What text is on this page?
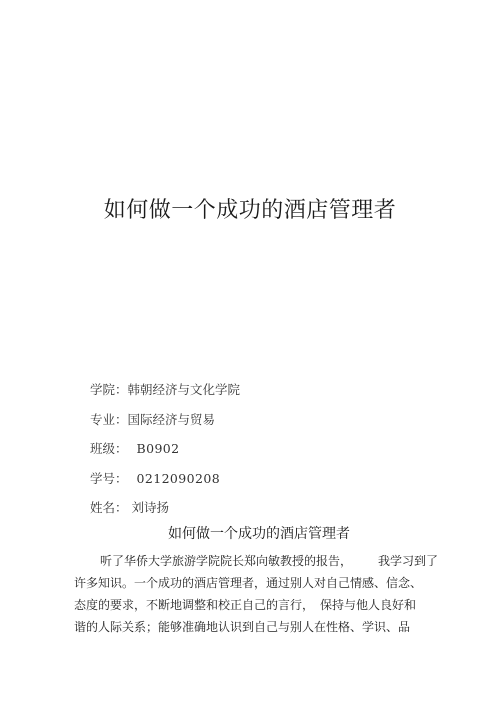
如何做一个成功的酒店管理者
学院：韩朝经济与文化学院
专业：国际经济与贸易
班级： B0902
学号： 0212090208
姓名： 刘诗扬
如何做一个成功的酒店管理者
听了华侨大学旅游学院院长郑向敏教授的报告， 我学习到了
许多知识。一个成功的酒店管理者，通过别人对自己情感、信念、
态度的要求，不断地调整和校正自己的言行， 保持与他人良好和
谐的人际关系；能够准确地认识到自己与别人在性格、学识、品
